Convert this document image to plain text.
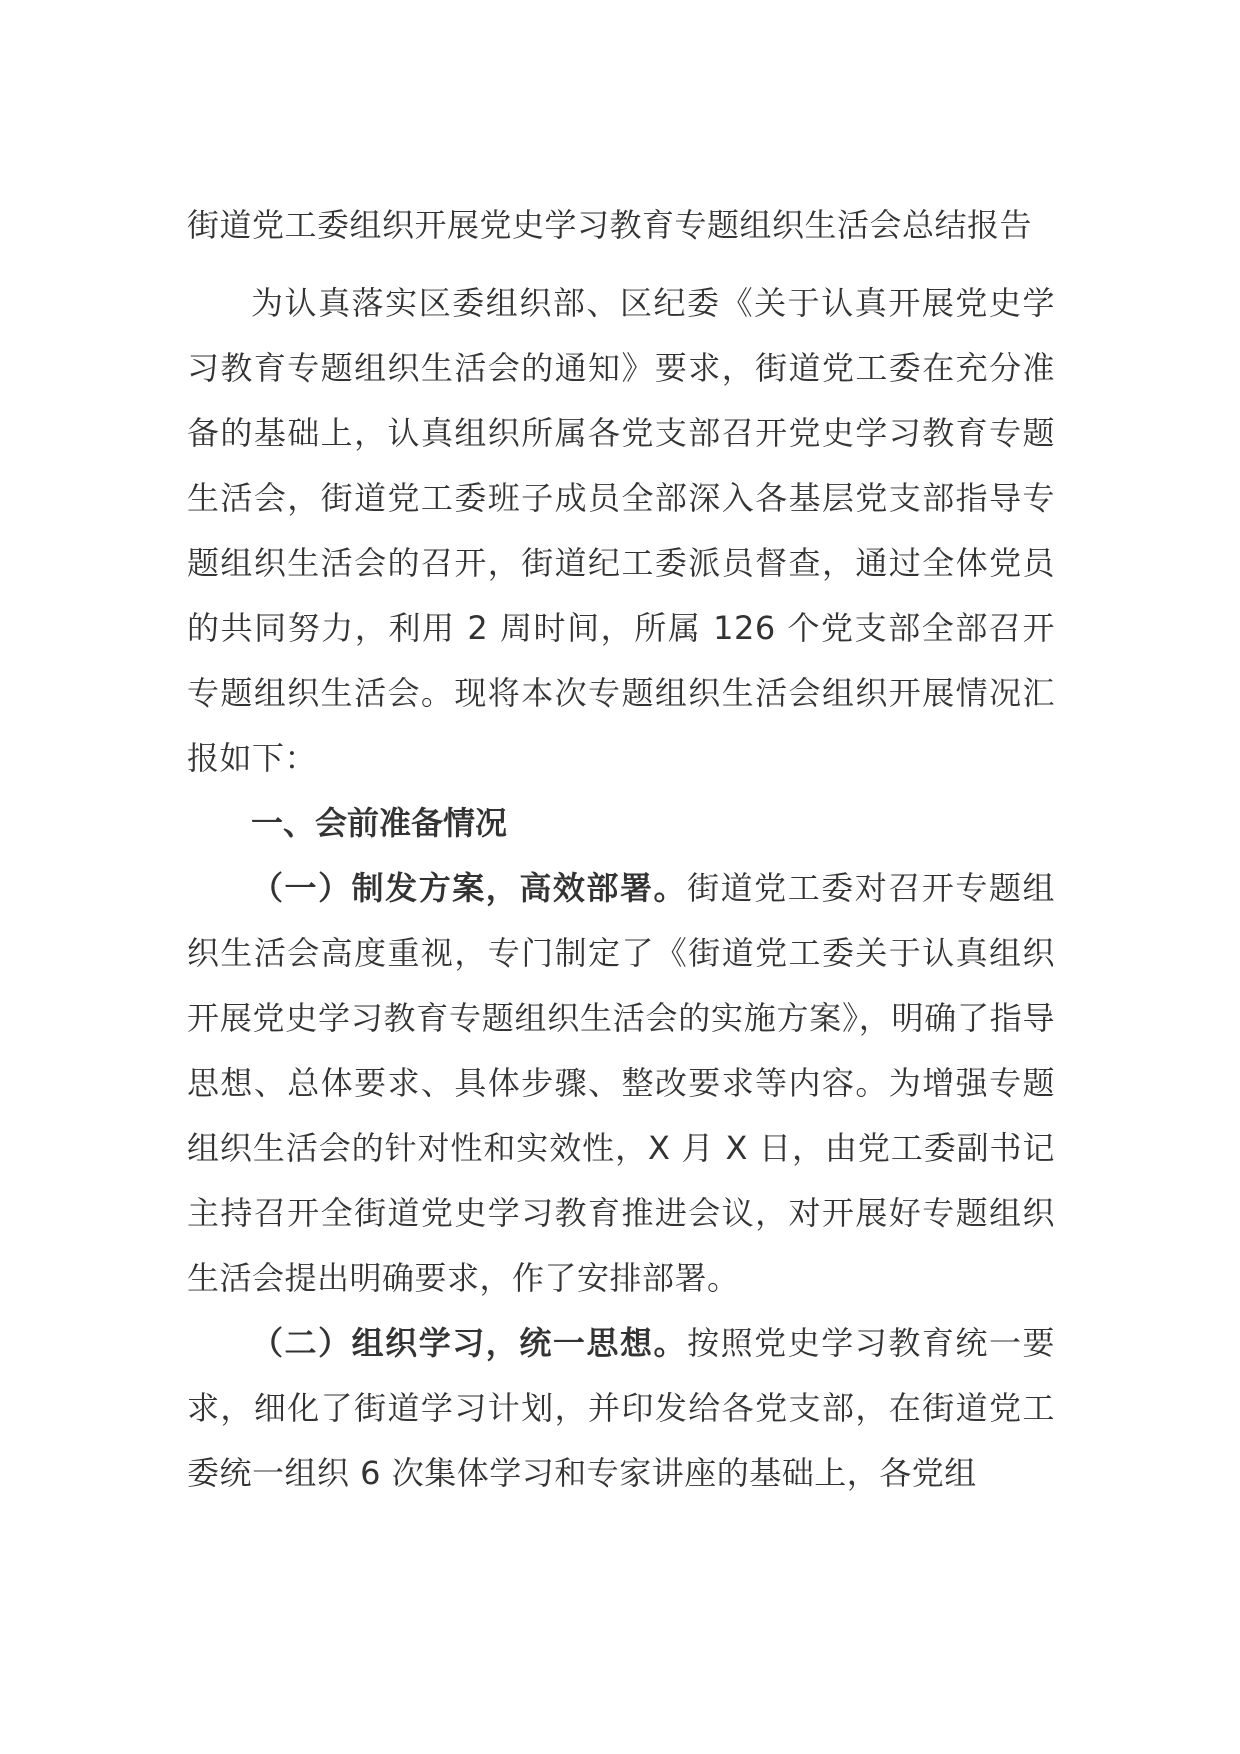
街道党工委组织开展党史学习教育专题组织生活会总结报告

为认真落实区委组织部、区纪委《关于认真开展党史学习教育专题组织生活会的通知》要求，街道党工委在充分准备的基础上，认真组织所属各党支部召开党史学习教育专题生活会，街道党工委班子成员全部深入各基层党支部指导专题组织生活会的召开，街道纪工委派员督查，通过全体党员的共同努力，利用 2 周时间，所属 126 个党支部全部召开专题组织生活会。现将本次专题组织生活会组织开展情况汇报如下：

一、会前准备情况

（一）制发方案，高效部署。街道党工委对召开专题组织生活会高度重视，专门制定了《街道党工委关于认真组织开展党史学习教育专题组织生活会的实施方案》，明确了指导思想、总体要求、具体步骤、整改要求等内容。为增强专题组织生活会的针对性和实效性，X 月 X 日，由党工委副书记主持召开全街道党史学习教育推进会议，对开展好专题组织生活会提出明确要求，作了安排部署。

（二）组织学习，统一思想。按照党史学习教育统一要求，细化了街道学习计划，并印发给各党支部，在街道党工委统一组织 6 次集体学习和专家讲座的基础上，各党组
